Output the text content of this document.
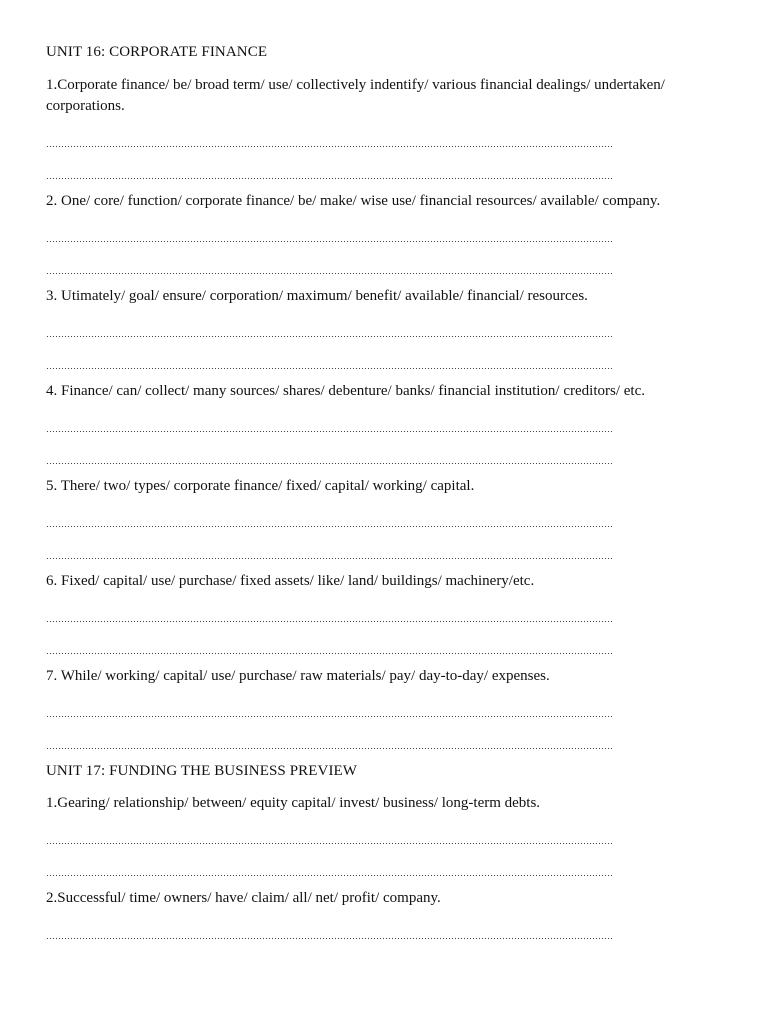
UNIT 16: CORPORATE FINANCE

1.Corporate finance/ be/ broad term/ use/ collectively indentify/ various financial dealings/ undertaken/ corporations.

2. One/ core/ function/ corporate finance/ be/ make/ wise use/ financial resources/ available/ company.

3. Utimately/ goal/ ensure/ corporation/ maximum/ benefit/ available/ financial/ resources.

4. Finance/ can/ collect/ many sources/ shares/ debenture/ banks/ financial institution/ creditors/ etc.

5. There/ two/ types/ corporate finance/ fixed/ capital/ working/ capital.

6. Fixed/ capital/ use/ purchase/ fixed assets/ like/ land/ buildings/ machinery/etc.

7. While/ working/ capital/ use/ purchase/ raw materials/ pay/ day-to-day/ expenses.

UNIT 17: FUNDING THE BUSINESS PREVIEW

1.Gearing/ relationship/ between/ equity capital/ invest/ business/ long-term debts.

2.Successful/ time/ owners/ have/ claim/ all/ net/ profit/ company.
